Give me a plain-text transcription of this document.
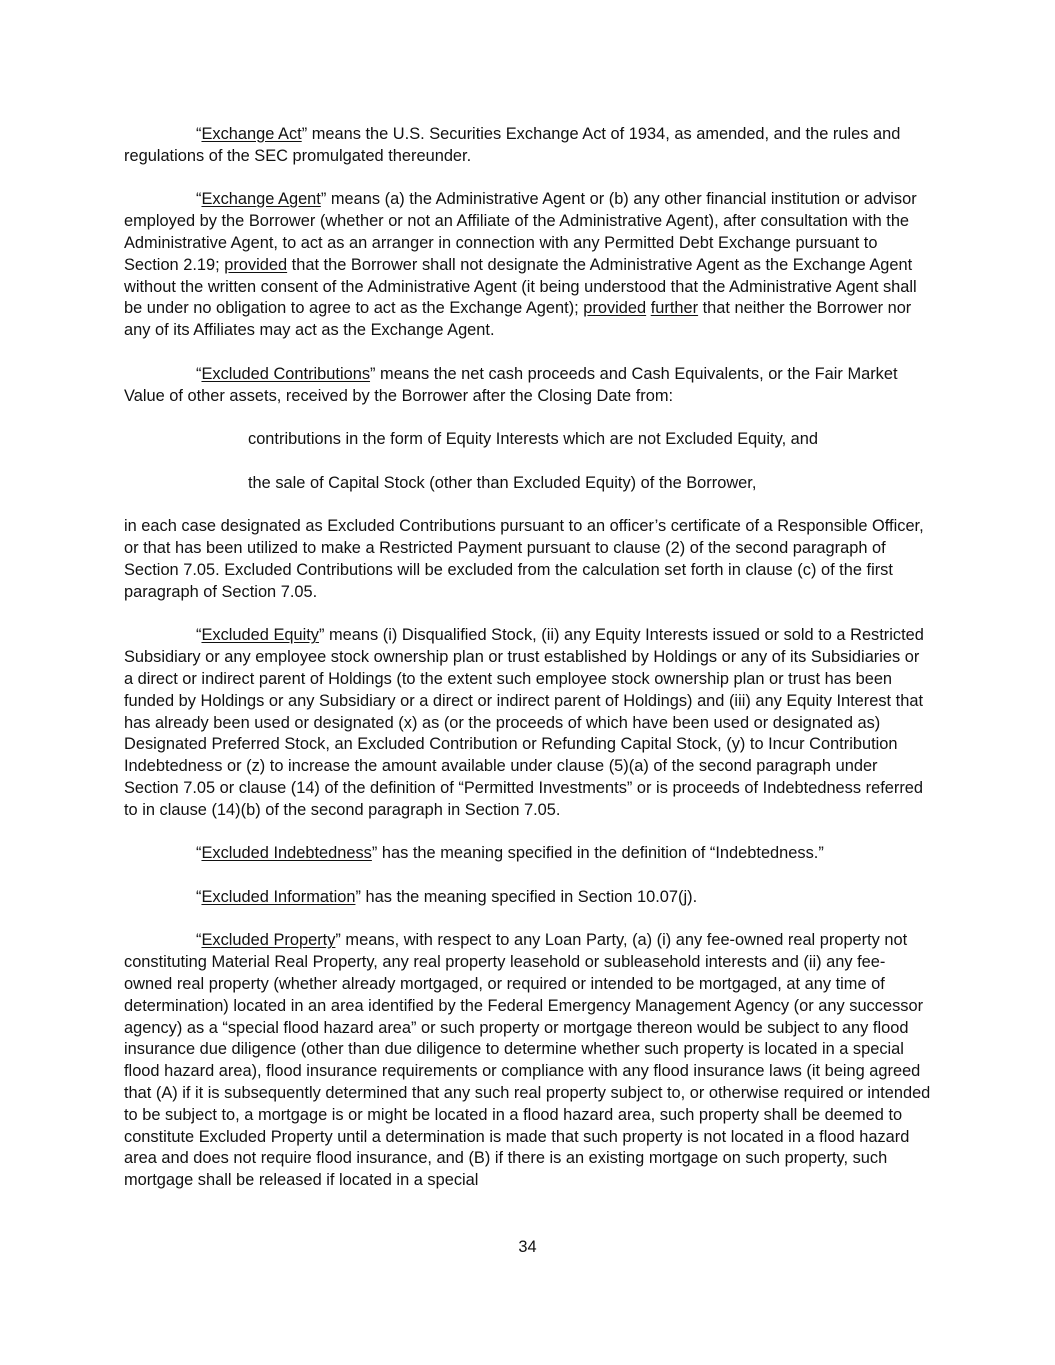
“Exchange Act” means the U.S. Securities Exchange Act of 1934, as amended, and the rules and regulations of the SEC promulgated thereunder.

“Exchange Agent” means (a) the Administrative Agent or (b) any other financial institution or advisor employed by the Borrower (whether or not an Affiliate of the Administrative Agent), after consultation with the Administrative Agent, to act as an arranger in connection with any Permitted Debt Exchange pursuant to Section 2.19; provided that the Borrower shall not designate the Administrative Agent as the Exchange Agent without the written consent of the Administrative Agent (it being understood that the Administrative Agent shall be under no obligation to agree to act as the Exchange Agent); provided further that neither the Borrower nor any of its Affiliates may act as the Exchange Agent.

“Excluded Contributions” means the net cash proceeds and Cash Equivalents, or the Fair Market Value of other assets, received by the Borrower after the Closing Date from:

contributions in the form of Equity Interests which are not Excluded Equity, and

the sale of Capital Stock (other than Excluded Equity) of the Borrower,

in each case designated as Excluded Contributions pursuant to an officer’s certificate of a Responsible Officer, or that has been utilized to make a Restricted Payment pursuant to clause (2) of the second paragraph of Section 7.05. Excluded Contributions will be excluded from the calculation set forth in clause (c) of the first paragraph of Section 7.05.

“Excluded Equity” means (i) Disqualified Stock, (ii) any Equity Interests issued or sold to a Restricted Subsidiary or any employee stock ownership plan or trust established by Holdings or any of its Subsidiaries or a direct or indirect parent of Holdings (to the extent such employee stock ownership plan or trust has been funded by Holdings or any Subsidiary or a direct or indirect parent of Holdings) and (iii) any Equity Interest that has already been used or designated (x) as (or the proceeds of which have been used or designated as) Designated Preferred Stock, an Excluded Contribution or Refunding Capital Stock, (y) to Incur Contribution Indebtedness or (z) to increase the amount available under clause (5)(a) of the second paragraph under Section 7.05 or clause (14) of the definition of “Permitted Investments” or is proceeds of Indebtedness referred to in clause (14)(b) of the second paragraph in Section 7.05.

“Excluded Indebtedness” has the meaning specified in the definition of “Indebtedness.”

“Excluded Information” has the meaning specified in Section 10.07(j).

“Excluded Property” means, with respect to any Loan Party, (a) (i) any fee-owned real property not constituting Material Real Property, any real property leasehold or subleasehold interests and (ii) any fee-owned real property (whether already mortgaged, or required or intended to be mortgaged, at any time of determination) located in an area identified by the Federal Emergency Management Agency (or any successor agency) as a “special flood hazard area” or such property or mortgage thereon would be subject to any flood insurance due diligence (other than due diligence to determine whether such property is located in a special flood hazard area), flood insurance requirements or compliance with any flood insurance laws (it being agreed that (A) if it is subsequently determined that any such real property subject to, or otherwise required or intended to be subject to, a mortgage is or might be located in a flood hazard area, such property shall be deemed to constitute Excluded Property until a determination is made that such property is not located in a flood hazard area and does not require flood insurance, and (B) if there is an existing mortgage on such property, such mortgage shall be released if located in a special

34
